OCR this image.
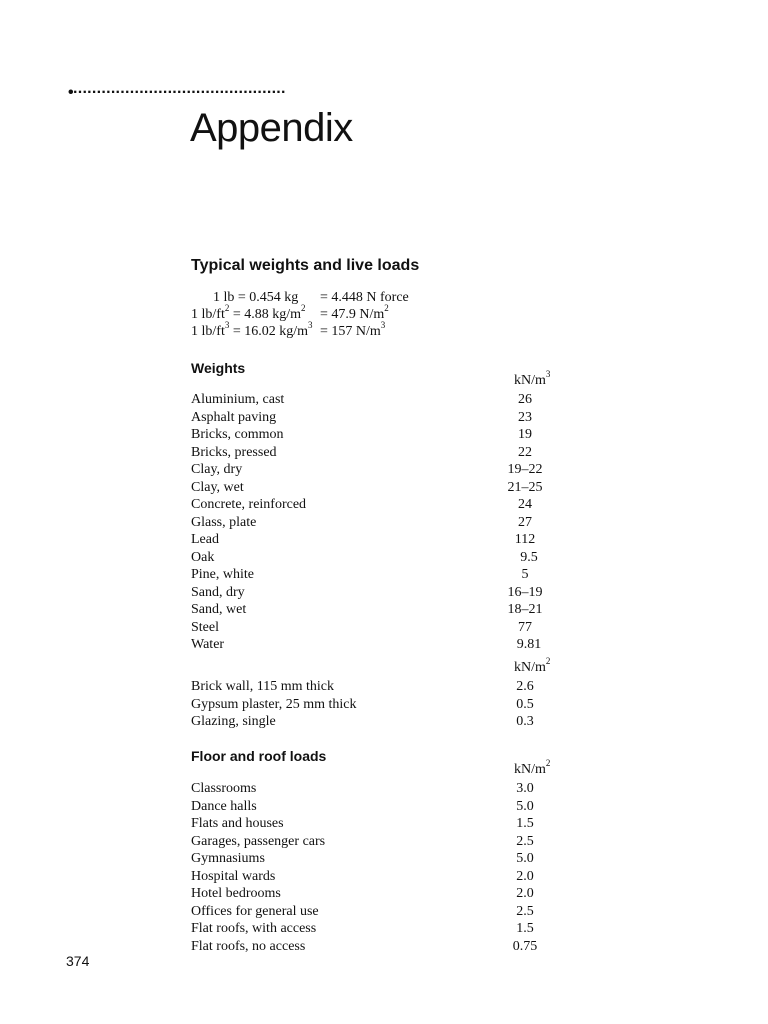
•·············································
Appendix
Typical weights and live loads
1 lb = 0.454 kg = 4.448 N force
1 $lb/ft^2 = 4.88$ $kg/m^2 = 47.9$ $N/m^2$
1 $lb/ft^3 = 16.02$ $kg/m^3 = 157$ $N/m^3$
Weights
$kN/m^3$
Aluminium, cast	26
Asphalt paving	23
Bricks, common	19
Bricks, pressed	22
Clay, dry	19–22
Clay, wet	21–25
Concrete, reinforced	24
Glass, plate	27
Lead	112
Oak	9.5
Pine, white	5
Sand, dry	16–19
Sand, wet	18–21
Steel	77
Water	9.81
$kN/m^2$
Brick wall, 115 mm thick	2.6
Gypsum plaster, 25 mm thick	0.5
Glazing, single	0.3
Floor and roof loads
$kN/m^2$
Classrooms	3.0
Dance halls	5.0
Flats and houses	1.5
Garages, passenger cars	2.5
Gymnasiums	5.0
Hospital wards	2.0
Hotel bedrooms	2.0
Offices for general use	2.5
Flat roofs, with access	1.5
Flat roofs, no access	0.75
374
